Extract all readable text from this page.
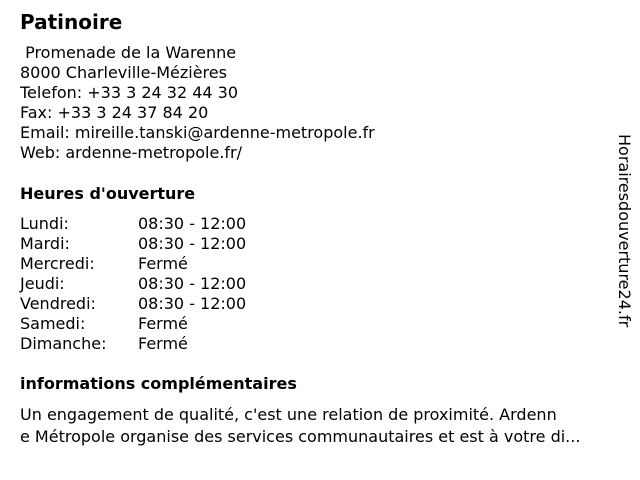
Patinoire
Promenade de la Warenne
8000 Charleville-Mézières
Telefon: +33 3 24 32 44 30
Fax: +33 3 24 37 84 20
Email: mireille.tanski@ardenne-metropole.fr
Web: ardenne-metropole.fr/
Heures d'ouverture
Lundi:	08:30 - 12:00
Mardi:	08:30 - 12:00
Mercredi:	Fermé
Jeudi:	08:30 - 12:00
Vendredi:	08:30 - 12:00
Samedi:	Fermé
Dimanche:	Fermé
informations complémentaires
Un engagement de qualité, c'est une relation de proximité. Ardenn
e Métropole organise des services communautaires et est à votre di...
Horairesdouverture24.fr
